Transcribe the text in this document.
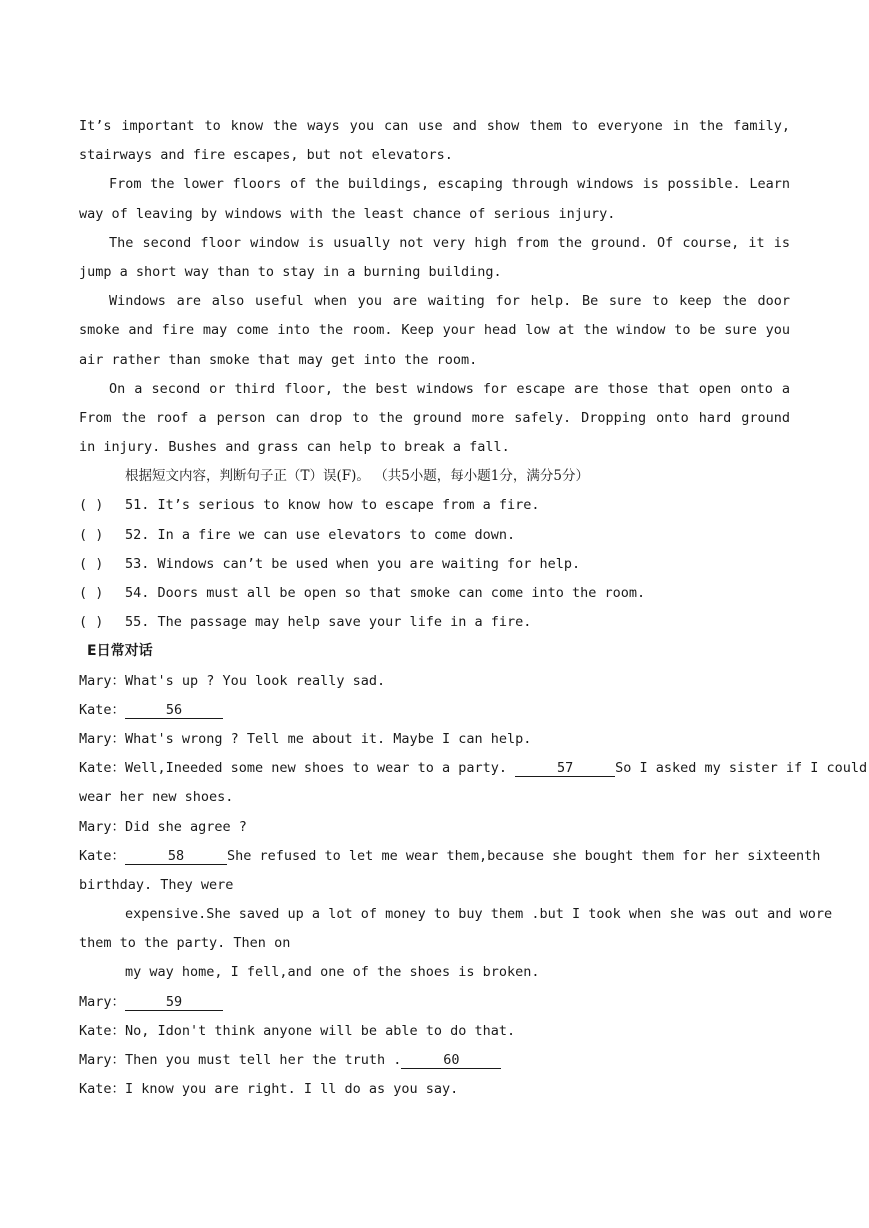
It’s important to know the ways you can use and show them to everyone in the family,
stairways and fire escapes, but not elevators.
From the lower floors of the buildings, escaping through windows is possible. Learn
way of leaving by windows with the least chance of serious injury.
The second floor window is usually not very high from the ground. Of course, it is
jump a short way than to stay in a burning building.
Windows are also useful when you are waiting for help. Be sure to keep the door
smoke and fire may come into the room. Keep your head low at the window to be sure you
air rather than smoke that may get into the room.
On a second or third floor, the best windows for escape are those that open onto a
From the roof a person can drop to the ground more safely. Dropping onto hard ground
in injury. Bushes and grass can help to break a fall.
根据短文内容，判断句子正（T）误(F)。 （共5小题，每小题1分，满分5分）
( ) 51. It’s serious to know how to escape from a fire.
( ) 52. In a fire we can use elevators to come down.
( ) 53. Windows can’t be used when you are waiting for help.
( ) 54. Doors must all be open so that smoke can come into the room.
( ) 55. The passage may help save your life in a fire.
E日常对话
Mary：What's up ? You look really sad.
Kate：	56
Mary：What's wrong ? Tell me about it. Maybe I can help.
Kate：Well,Ineeded some new shoes to wear to a party.	57	So I asked my sister if I could
wear her new shoes.
Mary：Did she agree ?
Kate：	58	She refused to let me wear them,because she bought them for her sixteenth
birthday. They were
expensive.She saved up a lot of money to buy them .but I took when she was out and wore
them to the party. Then on
my way home, I fell,and one of the shoes is broken.
Mary：	59
Kate：No, Idon't think anyone will be able to do that.
Mary：Then you must tell her the truth .	60
Kate：I know you are right. I ll do as you say.
